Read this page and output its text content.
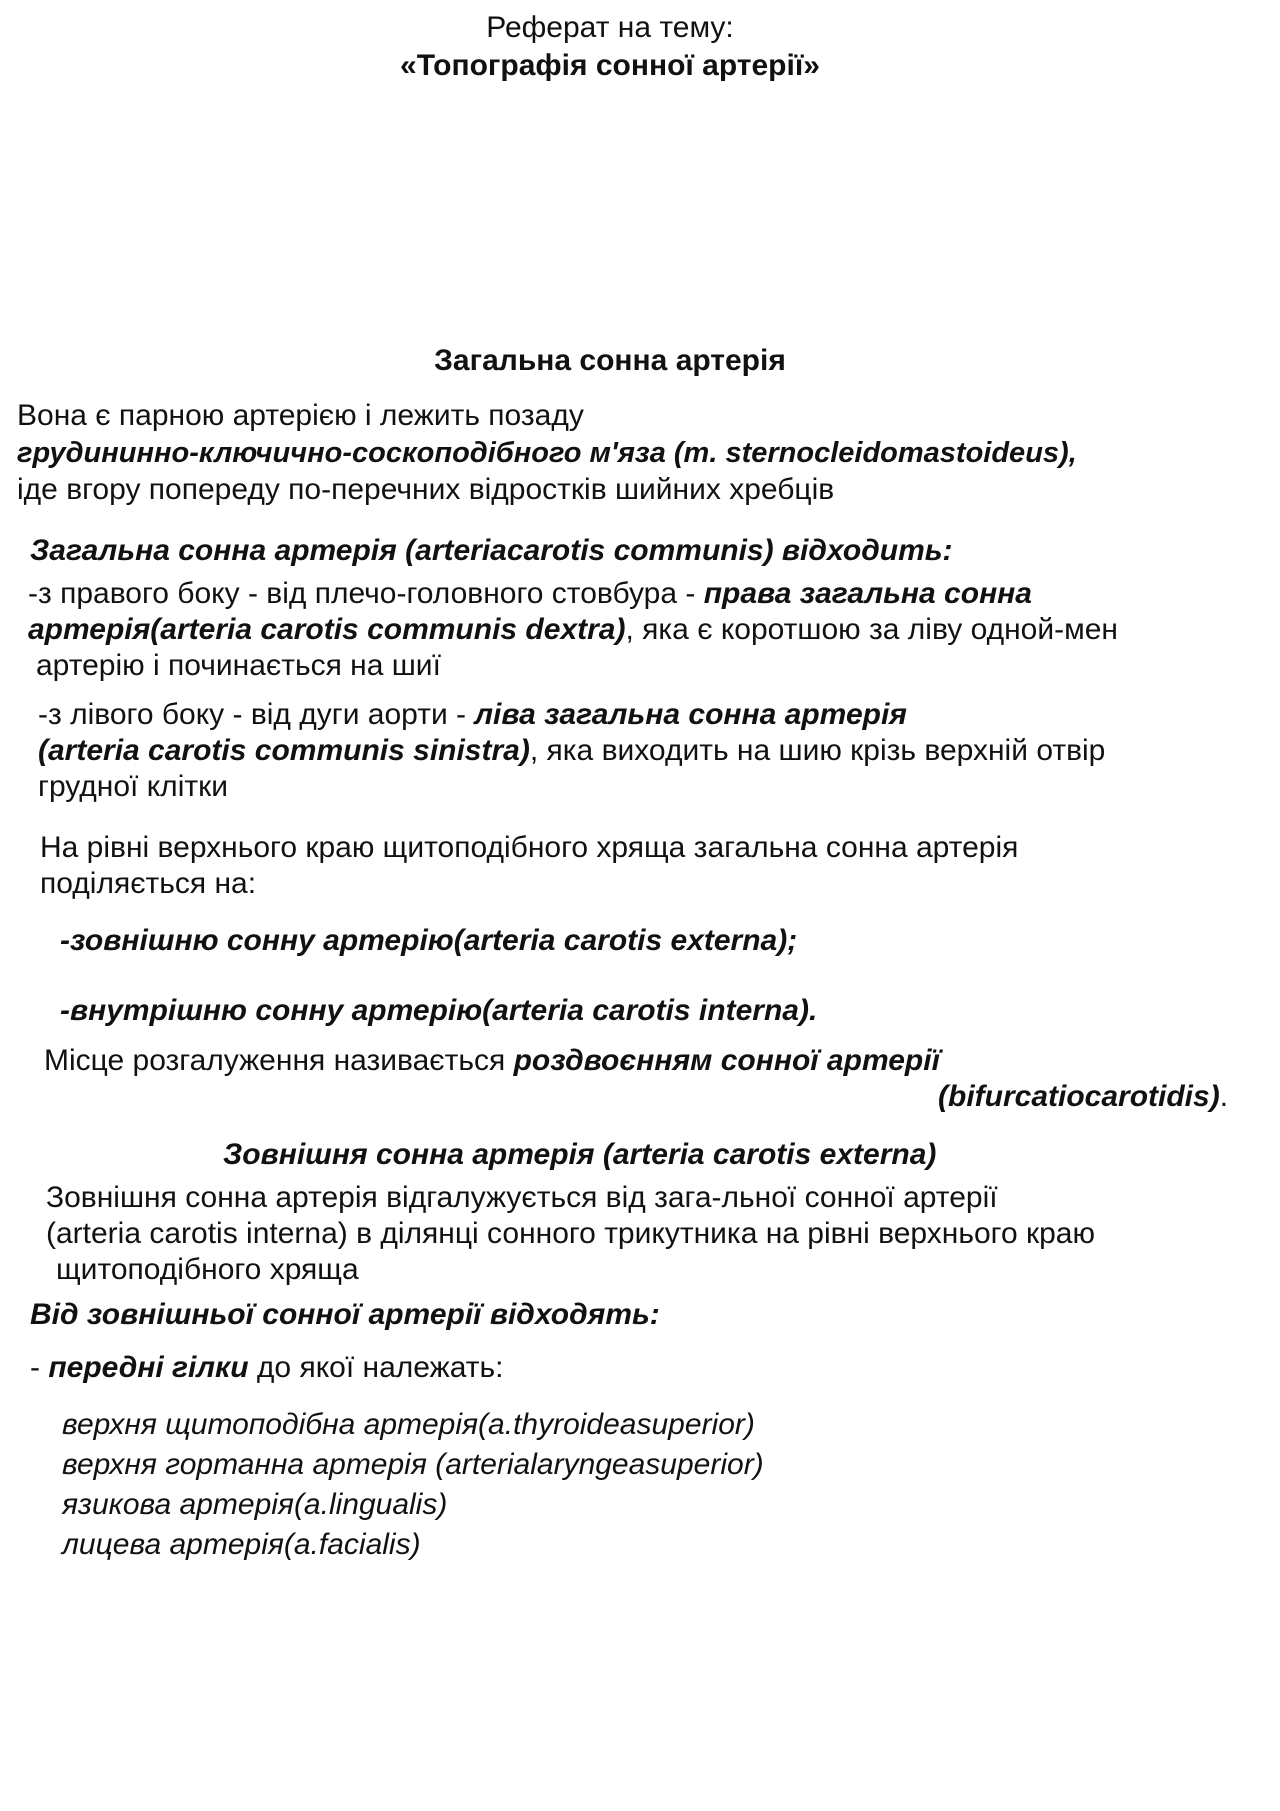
Реферат на тему:
«Топографія сонної артерії»
Загальна сонна артерія
Вона є парною артерією і лежить позаду
грудининно-ключично-соскоподібного м'яза (m. sternocleidomastoideus),
іде вгору попереду по-перечних відростків шийних хребців
Загальна сонна артерія (arteriacarotis communis) відходить:
-з правого боку - від плечо-головного стовбура - права загальна сонна
артерія(arteria carotis communis dextra), яка є коротшою за ліву одной-мен
артерію і починається на шиї
-з лівого боку - від дуги аорти - ліва загальна сонна артерія
(arteria carotis communis sinistra), яка виходить на шию крізь верхній отвір
грудної клітки
На рівні верхнього краю щитоподібного хряща загальна сонна артерія
поділяється на:
-зовнішню сонну артерію(arteria carotis externa);
-внутрішню сонну артерію(arteria carotis interna).
Місце розгалуження називається роздвоєнням сонної артерії
(bifurcatiocarotidis).
Зовнішня сонна артерія (arteria carotis externa)
Зовнішня сонна артерія відгалужується від зага-льної сонної артерії
(arteria carotis interna) в ділянці сонного трикутника на рівні верхнього краю
щитоподібного хряща
Від зовнішньої сонної артерії відходять:
- передні гілки до якої належать:
верхня щитоподібна артерія(a.thyroideasuperior)
верхня гортанна артерія (arterialaryngeasuperior)
язикова артерія(a.lingualis)
лицева артерія(a.facialis)
